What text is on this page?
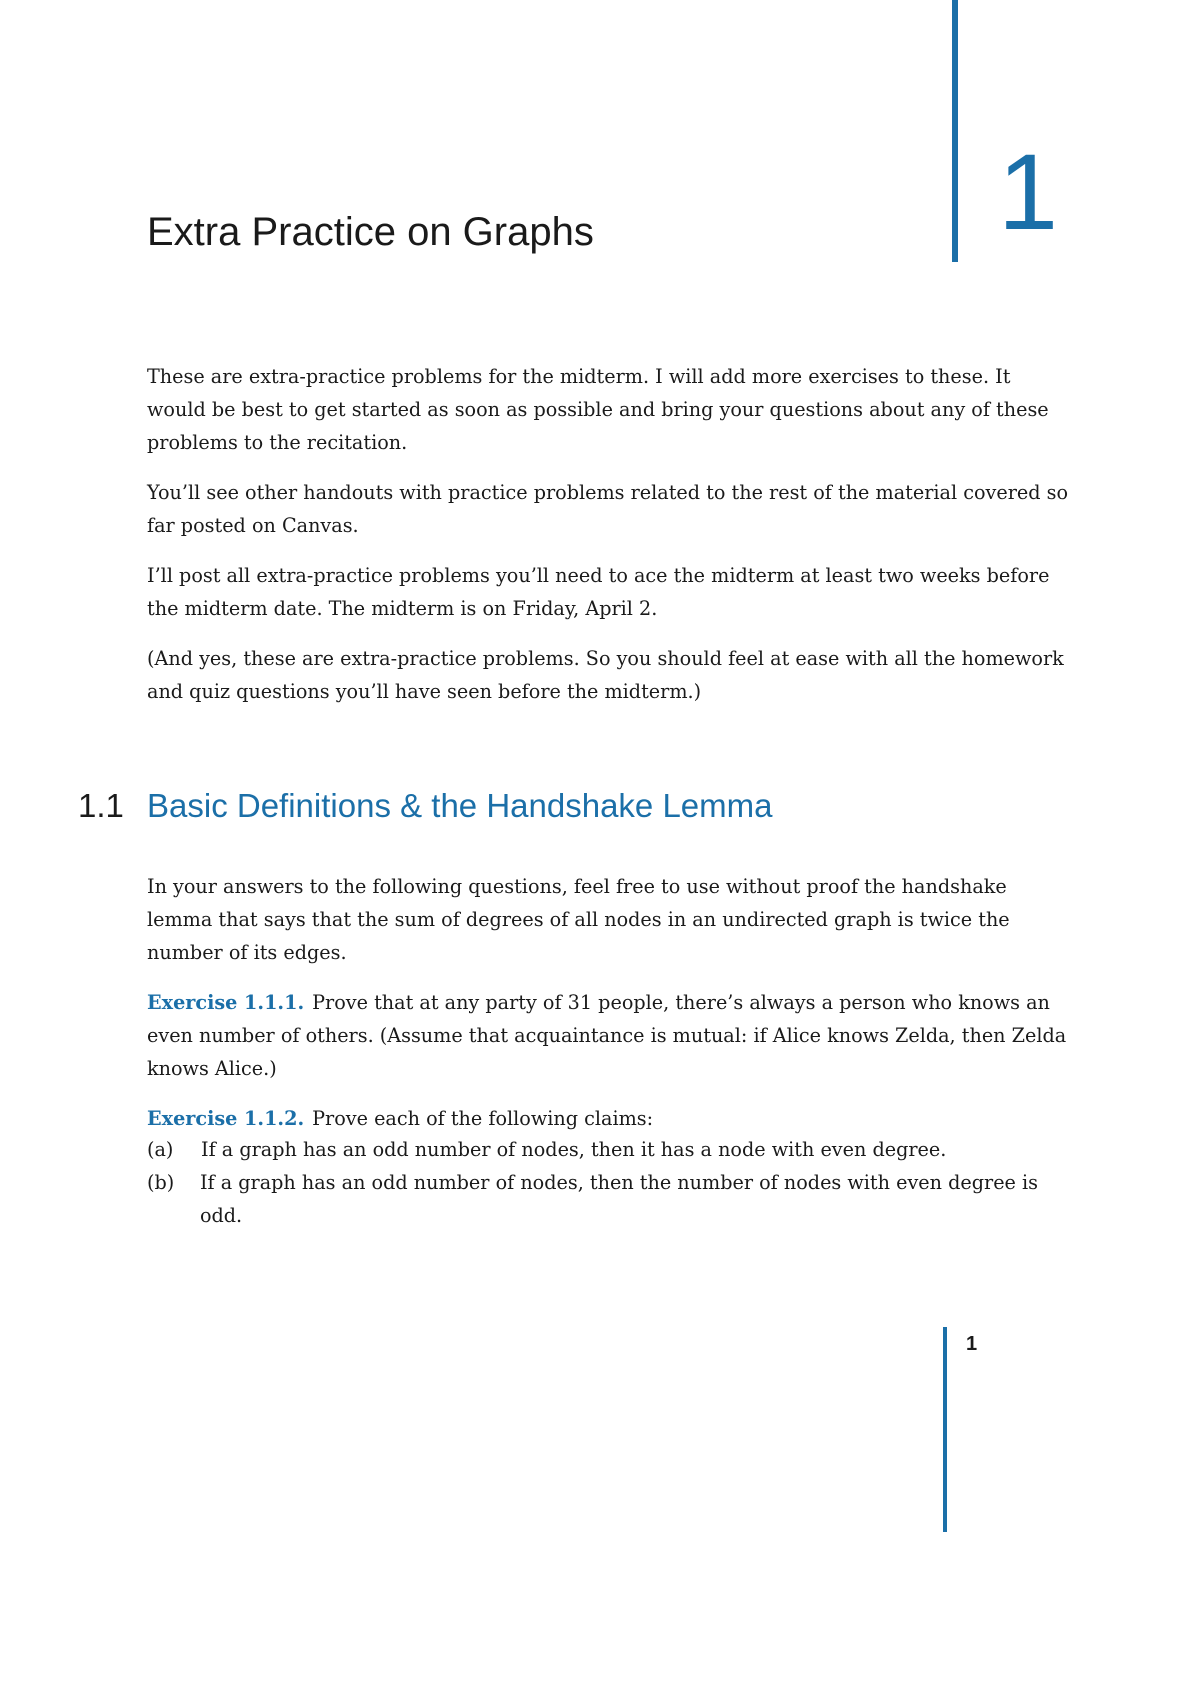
1
Extra Practice on Graphs

These are extra-practice problems for the midterm. I will add more exercises to these. It would be best to get started as soon as possible and bring your questions about any of these problems to the recitation.

You’ll see other handouts with practice problems related to the rest of the material covered so far posted on Canvas.

I’ll post all extra-practice problems you’ll need to ace the midterm at least two weeks before the midterm date. The midterm is on Friday, April 2.

(And yes, these are extra-practice problems. So you should feel at ease with all the homework and quiz questions you’ll have seen before the midterm.)

1.1 Basic Definitions & the Handshake Lemma

In your answers to the following questions, feel free to use without proof the handshake lemma that says that the sum of degrees of all nodes in an undirected graph is twice the number of its edges.

Exercise 1.1.1. Prove that at any party of 31 people, there’s always a person who knows an even number of others. (Assume that acquaintance is mutual: if Alice knows Zelda, then Zelda knows Alice.)

Exercise 1.1.2. Prove each of the following claims:

(a)	If a graph has an odd number of nodes, then it has a node with even degree.
(b)	If a graph has an odd number of nodes, then the number of nodes with even degree is odd.
1
